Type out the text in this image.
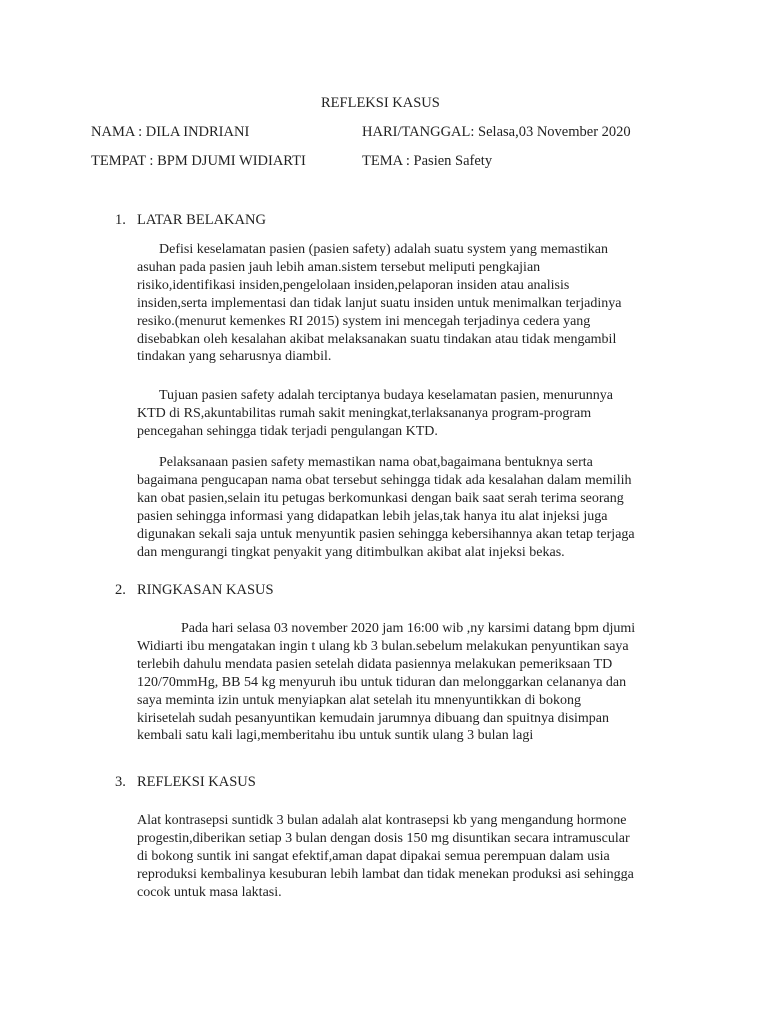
REFLEKSI KASUS
NAMA : DILA INDRIANI	HARI/TANGGAL: Selasa,03 November 2020
TEMPAT : BPM DJUMI WIDIARTI	TEMA : Pasien Safety
1. LATAR BELAKANG
Defisi keselamatan pasien (pasien safety) adalah suatu system yang memastikan
asuhan pada pasien jauh lebih aman.sistem tersebut meliputi pengkajian
risiko,identifikasi insiden,pengelolaan insiden,pelaporan insiden atau analisis
insiden,serta implementasi dan tidak lanjut suatu insiden untuk menimalkan terjadinya
resiko.(menurut kemenkes RI 2015) system ini mencegah terjadinya cedera yang
disebabkan oleh kesalahan akibat melaksanakan suatu tindakan atau tidak mengambil
tindakan yang seharusnya diambil.
Tujuan pasien safety adalah terciptanya budaya keselamatan pasien, menurunnya
KTD di RS,akuntabilitas rumah sakit meningkat,terlaksananya program-program
pencegahan sehingga tidak terjadi pengulangan KTD.
Pelaksanaan pasien safety memastikan nama obat,bagaimana bentuknya serta
bagaimana pengucapan nama obat tersebut sehingga tidak ada kesalahan dalam memilih
kan obat pasien,selain itu petugas berkomunkasi dengan baik saat serah terima seorang
pasien sehingga informasi yang didapatkan lebih jelas,tak hanya itu alat injeksi juga
digunakan sekali saja untuk menyuntik pasien sehingga kebersihannya akan tetap terjaga
dan mengurangi tingkat penyakit yang ditimbulkan akibat alat injeksi bekas.
2. RINGKASAN KASUS
Pada hari selasa 03 november 2020 jam 16:00 wib ,ny karsimi datang bpm djumi
Widiarti ibu mengatakan ingin t ulang kb 3 bulan.sebelum melakukan penyuntikan saya
terlebih dahulu mendata pasien setelah didata pasiennya melakukan pemeriksaan TD
120/70mmHg, BB 54 kg menyuruh ibu untuk tiduran dan melonggarkan celananya dan
saya meminta izin untuk menyiapkan alat setelah itu mnenyuntikkan di bokong
kirisetelah sudah pesanyuntikan kemudain jarumnya dibuang dan spuitnya disimpan
kembali satu kali lagi,memberitahu ibu untuk suntik ulang 3 bulan lagi
3. REFLEKSI KASUS
Alat kontrasepsi suntidk 3 bulan adalah alat kontrasepsi kb yang mengandung hormone
progestin,diberikan setiap 3 bulan dengan dosis 150 mg disuntikan secara intramuscular
di bokong suntik ini sangat efektif,aman dapat dipakai semua perempuan dalam usia
reproduksi kembalinya kesuburan lebih lambat dan tidak menekan produksi asi sehingga
cocok untuk masa laktasi.
